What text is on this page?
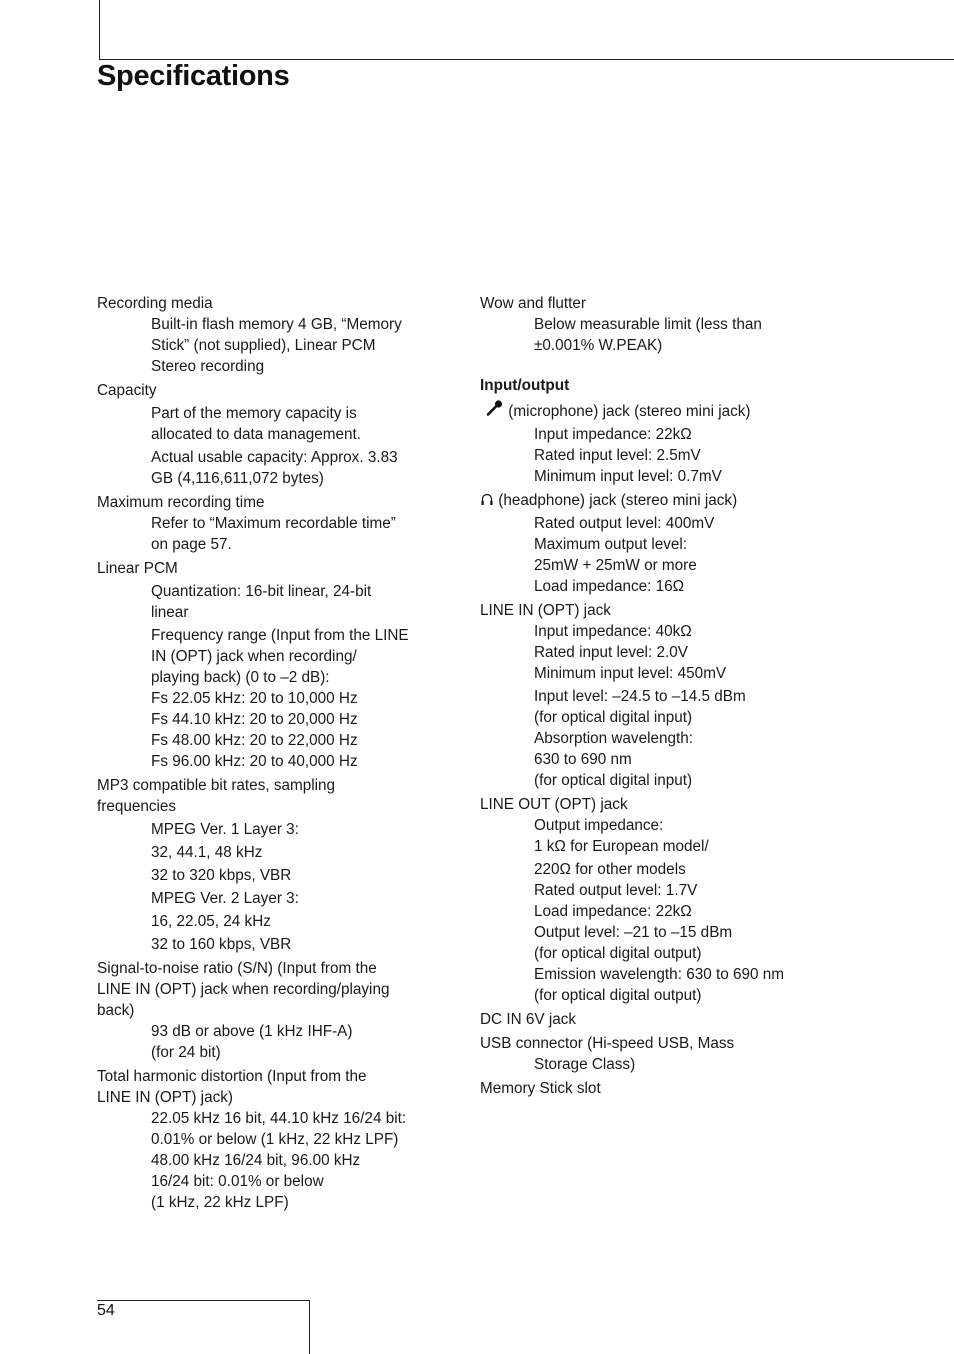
Specifications
Recording media
Built-in flash memory 4 GB, “Memory
Stick” (not supplied), Linear PCM
Stereo recording
Capacity
Part of the memory capacity is
allocated to data management.
Actual usable capacity: Approx. 3.83
GB (4,116,611,072 bytes)
Maximum recording time
Refer to “Maximum recordable time”
on page 57.
Linear PCM
Quantization: 16-bit linear, 24-bit
linear
Frequency range (Input from the LINE
IN (OPT) jack when recording/
playing back) (0 to –2 dB):
Fs 22.05 kHz: 20 to 10,000 Hz
Fs 44.10 kHz: 20 to 20,000 Hz
Fs 48.00 kHz: 20 to 22,000 Hz
Fs 96.00 kHz: 20 to 40,000 Hz
MP3 compatible bit rates, sampling
frequencies
MPEG Ver. 1 Layer 3:
32, 44.1, 48 kHz
32 to 320 kbps, VBR
MPEG Ver. 2 Layer 3:
16, 22.05, 24 kHz
32 to 160 kbps, VBR
Signal-to-noise ratio (S/N) (Input from the
LINE IN (OPT) jack when recording/playing
back)
93 dB or above (1 kHz IHF-A)
(for 24 bit)
Total harmonic distortion (Input from the
LINE IN (OPT) jack)
22.05 kHz 16 bit, 44.10 kHz 16/24 bit:
0.01% or below (1 kHz, 22 kHz LPF)
48.00 kHz 16/24 bit, 96.00 kHz
16/24 bit: 0.01% or below
(1 kHz, 22 kHz LPF)
Wow and flutter
Below measurable limit (less than
±0.001% W.PEAK)
Input/output
(microphone) jack (stereo mini jack)
Input impedance: 22kΩ
Rated input level: 2.5mV
Minimum input level: 0.7mV
(headphone) jack (stereo mini jack)
Rated output level: 400mV
Maximum output level:
25mW + 25mW or more
Load impedance: 16Ω
LINE IN (OPT) jack
Input impedance: 40kΩ
Rated input level: 2.0V
Minimum input level: 450mV
Input level: –24.5 to –14.5 dBm
(for optical digital input)
Absorption wavelength:
630 to 690 nm
(for optical digital input)
LINE OUT (OPT) jack
Output impedance:
1 kΩ for European model/
220Ω for other models
Rated output level: 1.7V
Load impedance: 22kΩ
Output level: –21 to –15 dBm
(for optical digital output)
Emission wavelength: 630 to 690 nm
(for optical digital output)
DC IN 6V jack
USB connector (Hi-speed USB, Mass
Storage Class)
Memory Stick slot
54
